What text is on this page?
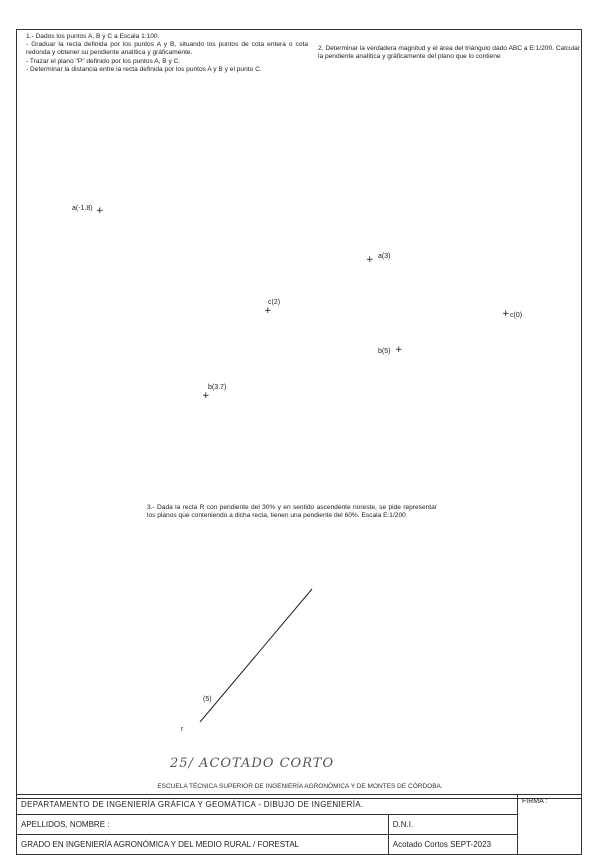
1.- Dados los puntos A, B y C a Escala 1:100.
- Graduar la recta definida por los puntos A y B, situando los puntos de cota entera o cota redonda y obtener su pendiente analítica y gráficamente.
- Trazar el plano "P" definido por los puntos A, B y C.
- Determinar la distancia entre la recta definida por los puntos A y B y el punto C.
2. Determinar la verdadera magnitud y el área del triángulo dado ABC a E:1/200. Calcular la pendiente analítica y gráficamente del plano que lo contiene
a(-1.8) +
+ a(3)
c(2)
+	+ c(0)
b(5) +
b(3.7)
+
3.- Dada la recta R con pendiente del 30% y en sentido ascendente noreste, se pide representar los planos que conteniendo a dicha recta, tienen una pendiente del 60%. Escala E:1/200
(5)
r
25/ ACOTADO CORTO
ESCUELA TÉCNICA SUPERIOR DE INGENIERÍA AGRONÓMICA Y DE MONTES DE CÓRDOBA.
DEPARTAMENTO DE INGENIERÍA GRÁFICA Y GEOMÁTICA - DIBUJO DE INGENIERÍA.		FIRMA :
APELLIDOS, NOMBRE :	D.N.I.	
GRADO EN INGENIERÍA AGRONÓMICA Y DEL MEDIO RURAL / FORESTAL	Acotado Cortos SEPT-2023	
